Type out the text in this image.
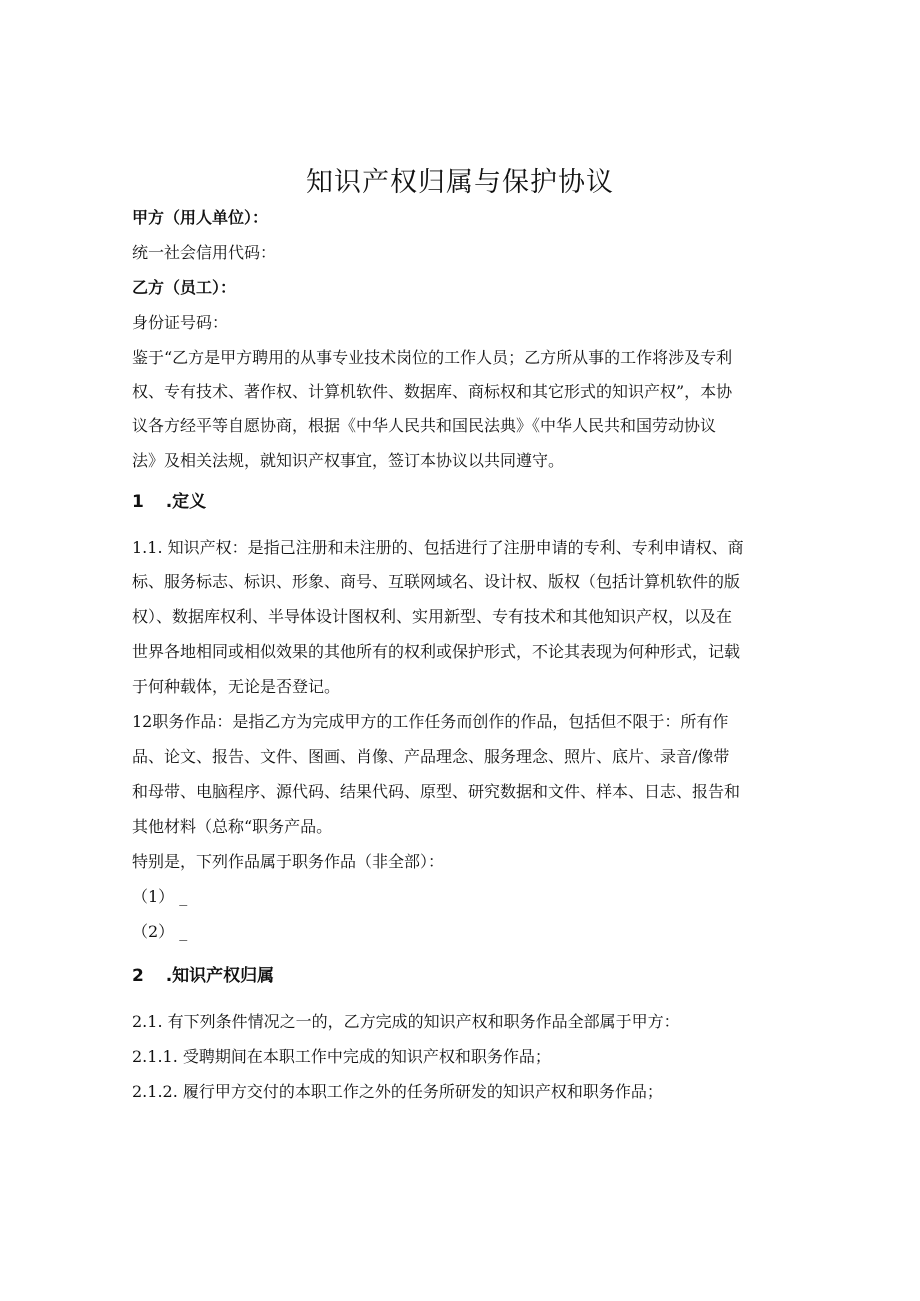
知识产权归属与保护协议
甲方（用人单位）：
统一社会信用代码：
乙方（员工）：
身份证号码：
鉴于“乙方是甲方聘用的从事专业技术岗位的工作人员；乙方所从事的工作将涉及专利
权、专有技术、著作权、计算机软件、数据库、商标权和其它形式的知识产权”，本协
议各方经平等自愿协商，根据《中华人民共和国民法典》《中华人民共和国劳动协议
法》及相关法规，就知识产权事宜，签订本协议以共同遵守。
1 .定义
1.1. 知识产权：是指己注册和未注册的、包括进行了注册申请的专利、专利申请权、商
标、服务标志、标识、形象、商号、互联网域名、设计权、版权（包括计算机软件的版
权）、数据库权利、半导体设计图权利、实用新型、专有技术和其他知识产权，以及在
世界各地相同或相似效果的其他所有的权利或保护形式，不论其表现为何种形式，记载
于何种载体，无论是否登记。
12职务作品：是指乙方为完成甲方的工作任务而创作的作品，包括但不限于：所有作
品、论文、报告、文件、图画、肖像、产品理念、服务理念、照片、底片、录音/像带
和母带、电脑程序、源代码、结果代码、原型、研究数据和文件、样本、日志、报告和
其他材料（总称“职务产品。
特别是，下列作品属于职务作品（非全部）：
（1） _
（2） _
2 .知识产权归属
2.1. 有下列条件情况之一的，乙方完成的知识产权和职务作品全部属于甲方：
2.1.1. 受聘期间在本职工作中完成的知识产权和职务作品；
2.1.2. 履行甲方交付的本职工作之外的任务所研发的知识产权和职务作品；
